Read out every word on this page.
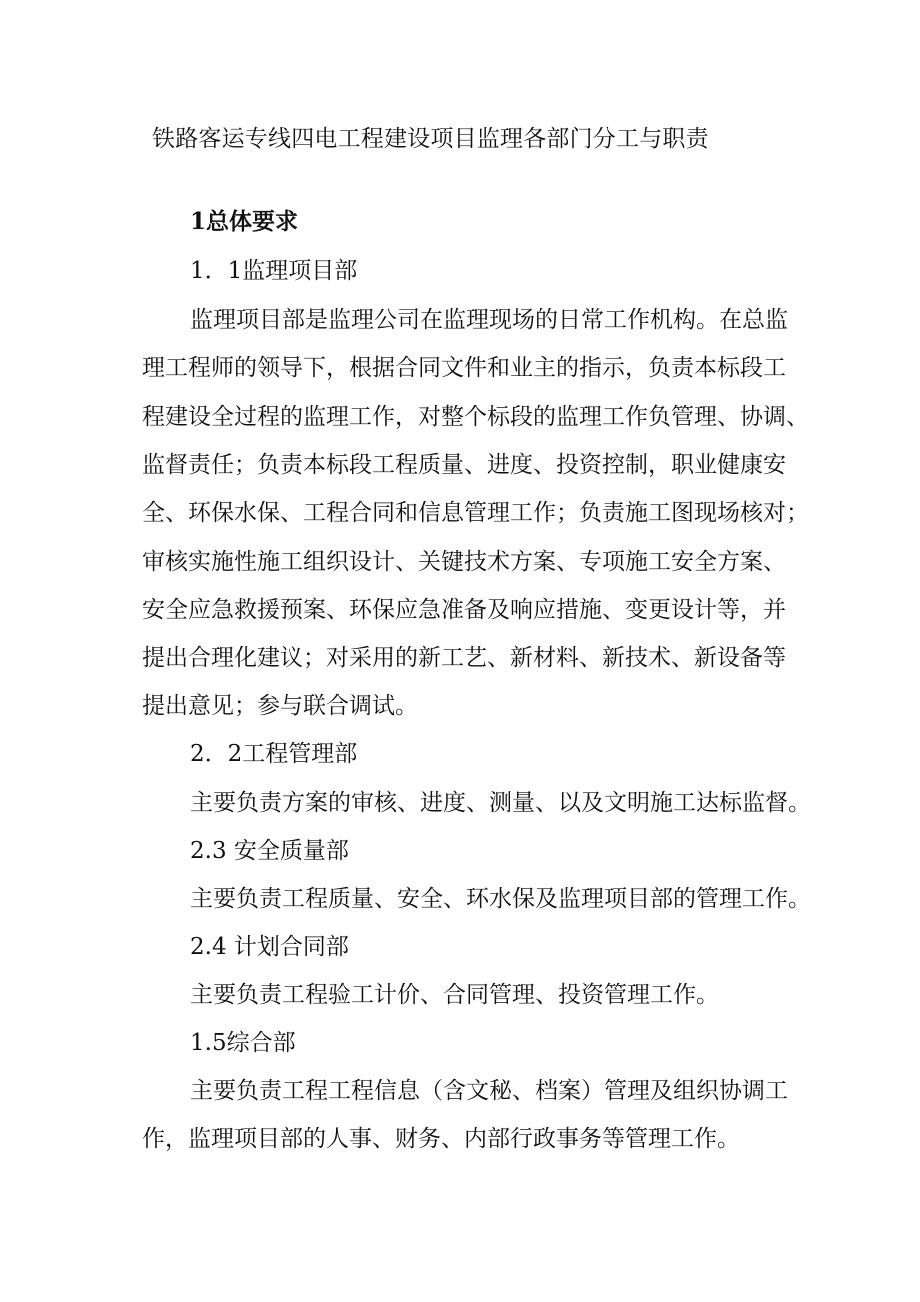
铁路客运专线四电工程建设项目监理各部门分工与职责
1总体要求
1．1监理项目部
监理项目部是监理公司在监理现场的日常工作机构。在总监
理工程师的领导下，根据合同文件和业主的指示，负责本标段工
程建设全过程的监理工作，对整个标段的监理工作负管理、协调、
监督责任；负责本标段工程质量、进度、投资控制，职业健康安
全、环保水保、工程合同和信息管理工作；负责施工图现场核对；
审核实施性施工组织设计、关键技术方案、专项施工安全方案、
安全应急救援预案、环保应急准备及响应措施、变更设计等，并
提出合理化建议；对采用的新工艺、新材料、新技术、新设备等
提出意见；参与联合调试。
2．2工程管理部
主要负责方案的审核、进度、测量、以及文明施工达标监督。
2.3 安全质量部
主要负责工程质量、安全、环水保及监理项目部的管理工作。
2.4 计划合同部
主要负责工程验工计价、合同管理、投资管理工作。
1.5综合部
主要负责工程工程信息（含文秘、档案）管理及组织协调工
作，监理项目部的人事、财务、内部行政事务等管理工作。
